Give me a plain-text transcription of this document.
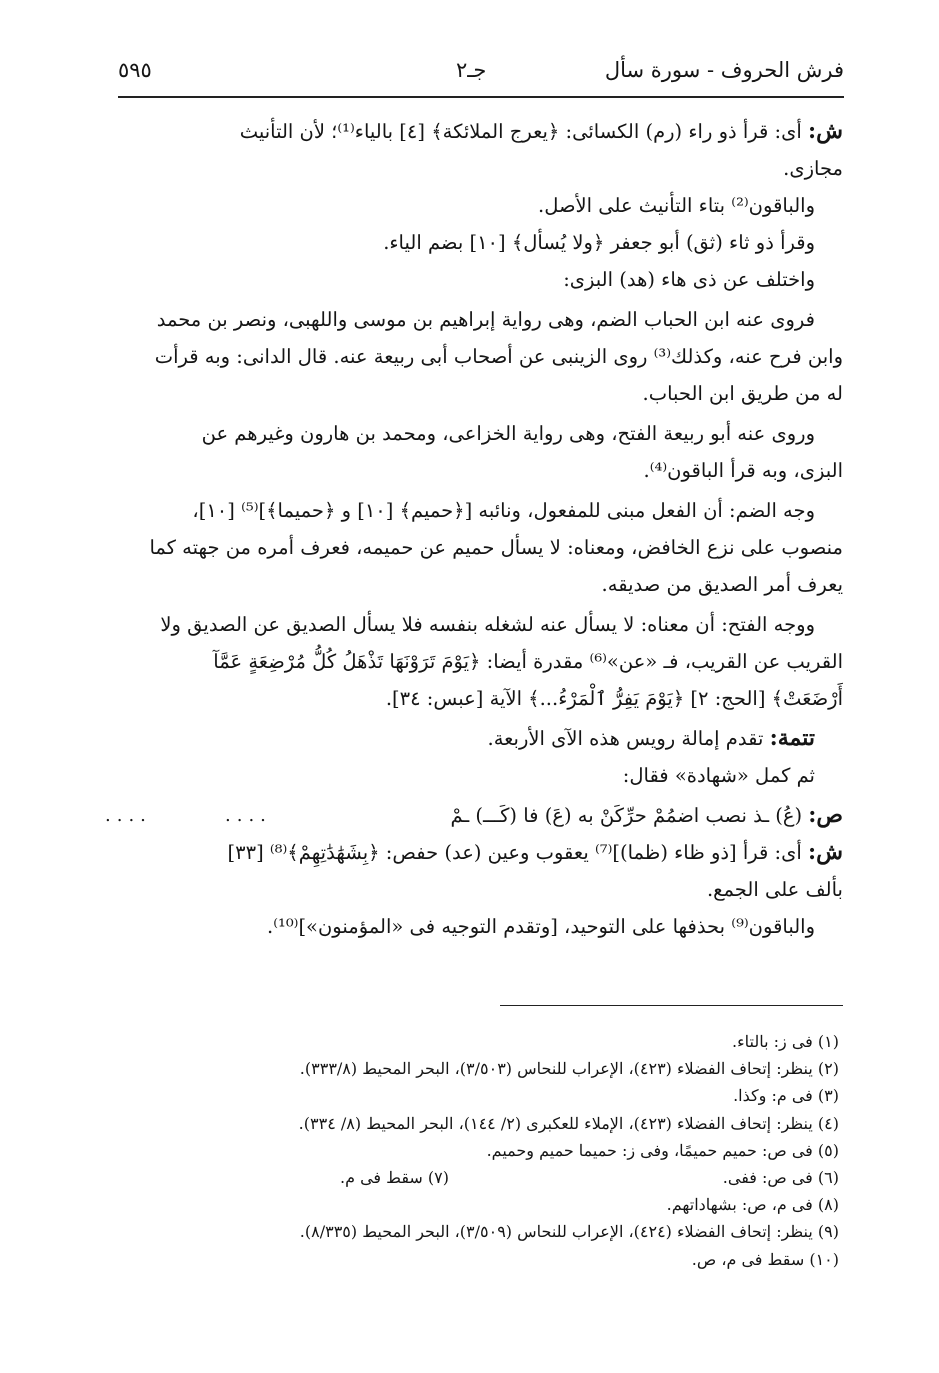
فرش الحروف - سورة سأل
جـ٢
٥٩٥
ش: أى: قرأ ذو راء (رم) الكسائى: ﴿يعرج الملائكة﴾ [٤] بالياء⁽¹⁾؛ لأن التأنيث
مجازى.
والباقون⁽²⁾ بتاء التأنيث على الأصل.
وقرأ ذو ثاء (ثق) أبو جعفر ﴿ولا يُسأل﴾ [١٠] بضم الياء.
واختلف عن ذى هاء (هد) البزى:
فروى عنه ابن الحباب الضم، وهى رواية إبراهيم بن موسى واللهبى، ونصر بن محمد
وابن فرح عنه، وكذلك⁽³⁾ روى الزينبى عن أصحاب أبى ربيعة عنه. قال الدانى: وبه قرأت
له من طريق ابن الحباب.
وروى عنه أبو ربيعة الفتح، وهى رواية الخزاعى، ومحمد بن هارون وغيرهم عن
البزى، وبه قرأ الباقون⁽⁴⁾.
وجه الضم: أن الفعل مبنى للمفعول، ونائبه [﴿حميم﴾ [١٠] و ﴿حميما﴾]⁽⁵⁾ [١٠]،
منصوب على نزع الخافض، ومعناه: لا يسأل حميم عن حميمه، فعرف أمره من جهته كما
يعرف أمر الصديق من صديقه.
ووجه الفتح: أن معناه: لا يسأل عنه لشغله بنفسه فلا يسأل الصديق عن الصديق ولا
القريب عن القريب، فـ «عن»⁽⁶⁾ مقدرة أيضا: ﴿يَوْمَ تَرَوْنَهَا تَذْهَلُ كُلُّ مُرْضِعَةٍ عَمَّآ
أَرْضَعَتْ﴾ [الحج: ٢] ﴿يَوْمَ يَفِرُّ ٱلْمَرْءُ...﴾ الآية [عبس: ٣٤].
تتمة: تقدم إمالة رويس هذه الآى الأربعة.
ثم كمل «شهادة» فقال:
ص: (عُ) ـذ نصب اضمُمْ حرِّكَنْ به (عَ) فا (كَـــ) ـمْ
....	....
ش: أى: قرأ [ذو ظاء (ظما)]⁽⁷⁾ يعقوب وعين (عد) حفص: ﴿بِشَهَٰدَٰتِهِمْ﴾⁽⁸⁾ [٣٣]
بألف على الجمع.
والباقون⁽⁹⁾ بحذفها على التوحيد، [وتقدم التوجيه فى «المؤمنون»]⁽¹⁰⁾.
(١) فى ز: بالتاء.
(٢) ينظر: إتحاف الفضلاء (٤٢٣)، الإعراب للنحاس (٣/٥٠٣)، البحر المحيط (٣٣٣/٨).
(٣) فى م: وكذا.
(٤) ينظر: إتحاف الفضلاء (٤٢٣)، الإملاء للعكبرى (٢/ ١٤٤)، البحر المحيط (٨/ ٣٣٤).
(٥) فى ص: حميم حميمًا، وفى ز: حميما حميم وحميم.
(٦) فى ص: ففى.
(٧) سقط فى م.
(٨) فى م، ص: بشهاداتهم.
(٩) ينظر: إتحاف الفضلاء (٤٢٤)، الإعراب للنحاس (٣/٥٠٩)، البحر المحيط (٨/٣٣٥).
(١٠) سقط فى م، ص.
